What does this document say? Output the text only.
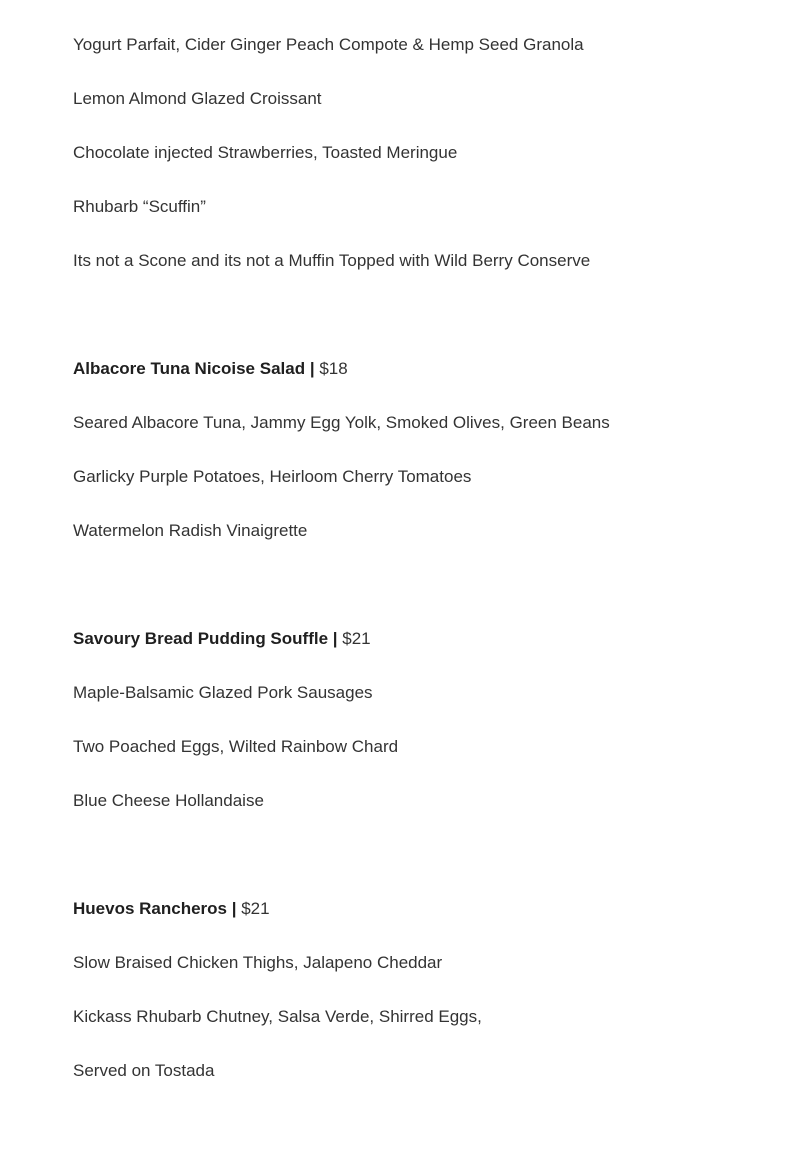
Yogurt Parfait, Cider Ginger Peach Compote & Hemp Seed Granola
Lemon Almond Glazed Croissant
Chocolate injected Strawberries, Toasted Meringue
Rhubarb “Scuffin”
Its not a Scone and its not a Muffin Topped with Wild Berry Conserve
Albacore Tuna Nicoise Salad | $18
Seared Albacore Tuna, Jammy Egg Yolk, Smoked Olives, Green Beans
Garlicky Purple Potatoes, Heirloom Cherry Tomatoes
Watermelon Radish Vinaigrette
Savoury Bread Pudding Souffle | $21
Maple-Balsamic Glazed Pork Sausages
Two Poached Eggs, Wilted Rainbow Chard
Blue Cheese Hollandaise
Huevos Rancheros | $21
Slow Braised Chicken Thighs, Jalapeno Cheddar
Kickass Rhubarb Chutney, Salsa Verde, Shirred Eggs,
Served on Tostada
